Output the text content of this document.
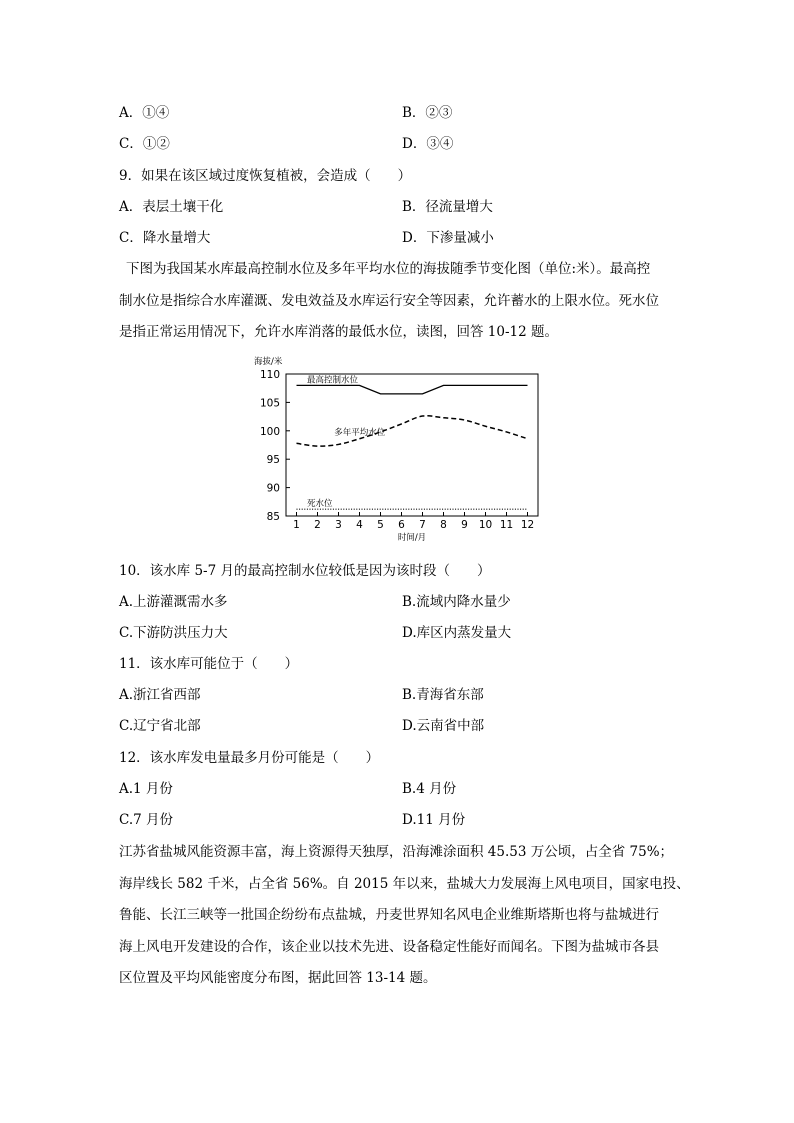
A．①④	B．②③
C．①②	D．③④
9．如果在该区域过度恢复植被，会造成（　　）
A．表层土壤干化	B．径流量增大
C．降水量增大	D．下渗量减小
下图为我国某水库最高控制水位及多年平均水位的海拔随季节变化图（单位:米）。最高控
制水位是指综合水库灌溉、发电效益及水库运行安全等因素，允许蓄水的上限水位。死水位
是指正常运用情况下，允许水库消落的最低水位，读图，回答 10-12 题。
110
105
100
95
90
85
1 2 3 4 5 6 7 8 9 10 11 12
海拔/米
时间/月
最高控制水位
多年平均水位
死水位
10．该水库 5-7 月的最高控制水位较低是因为该时段（　　）
A.上游灌溉需水多	B.流域内降水量少
C.下游防洪压力大	D.库区内蒸发量大
11．该水库可能位于（　　）
A.浙江省西部	B.青海省东部
C.辽宁省北部	D.云南省中部
12．该水库发电量最多月份可能是（　　）
A.1 月份	B.4 月份
C.7 月份	D.11 月份
江苏省盐城风能资源丰富，海上资源得天独厚，沿海滩涂面积 45.53 万公顷，占全省 75%；
海岸线长 582 千米，占全省 56%。自 2015 年以来，盐城大力发展海上风电项目，国家电投、
鲁能、长江三峡等一批国企纷纷布点盐城，丹麦世界知名风电企业维斯塔斯也将与盐城进行
海上风电开发建设的合作，该企业以技术先进、设备稳定性能好而闻名。下图为盐城市各县
区位置及平均风能密度分布图，据此回答 13-14 题。
